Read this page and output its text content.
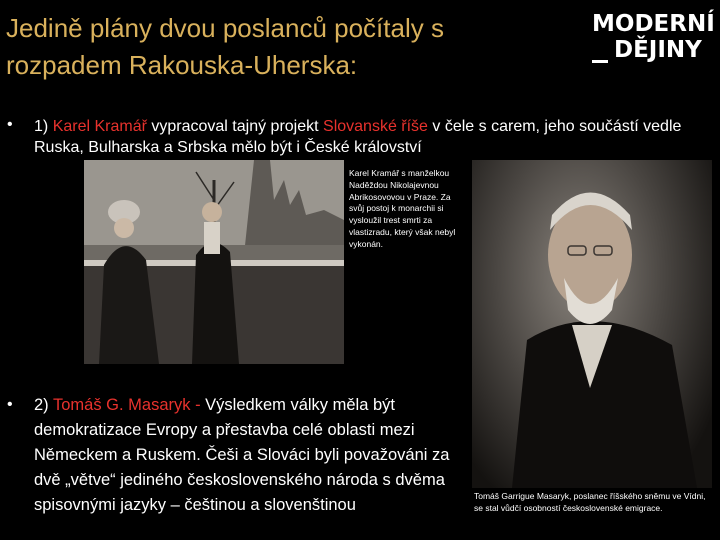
Jedině plány dvou poslanců počítaly s rozpadem Rakouska-Uherska:
MODERNÍ
DĚJINY
• 1) Karel Kramář vypracoval tajný projekt Slovanské říše v čele s carem, jeho součástí vedle Ruska, Bulharska a Srbska mělo být i České království
Karel Kramář s manželkou Naděždou Nikolajevnou Abrikosovovou v Praze. Za svůj postoj k monarchii si vysloužil trest smrti za vlastizradu, který však nebyl vykonán.
• 2) Tomáš G. Masaryk - Výsledkem války měla být demokratizace Evropy a přestavba celé oblasti mezi Německem a Ruskem. Češi a Slováci byli považováni za dvě „větve“ jediného československého národa s dvěma spisovnými jazyky – češtinou a slovenštinou	Tomáš Garrigue Masaryk, poslanec říšského sněmu ve Vídni, se stal vůdčí osobností československé emigrace.
